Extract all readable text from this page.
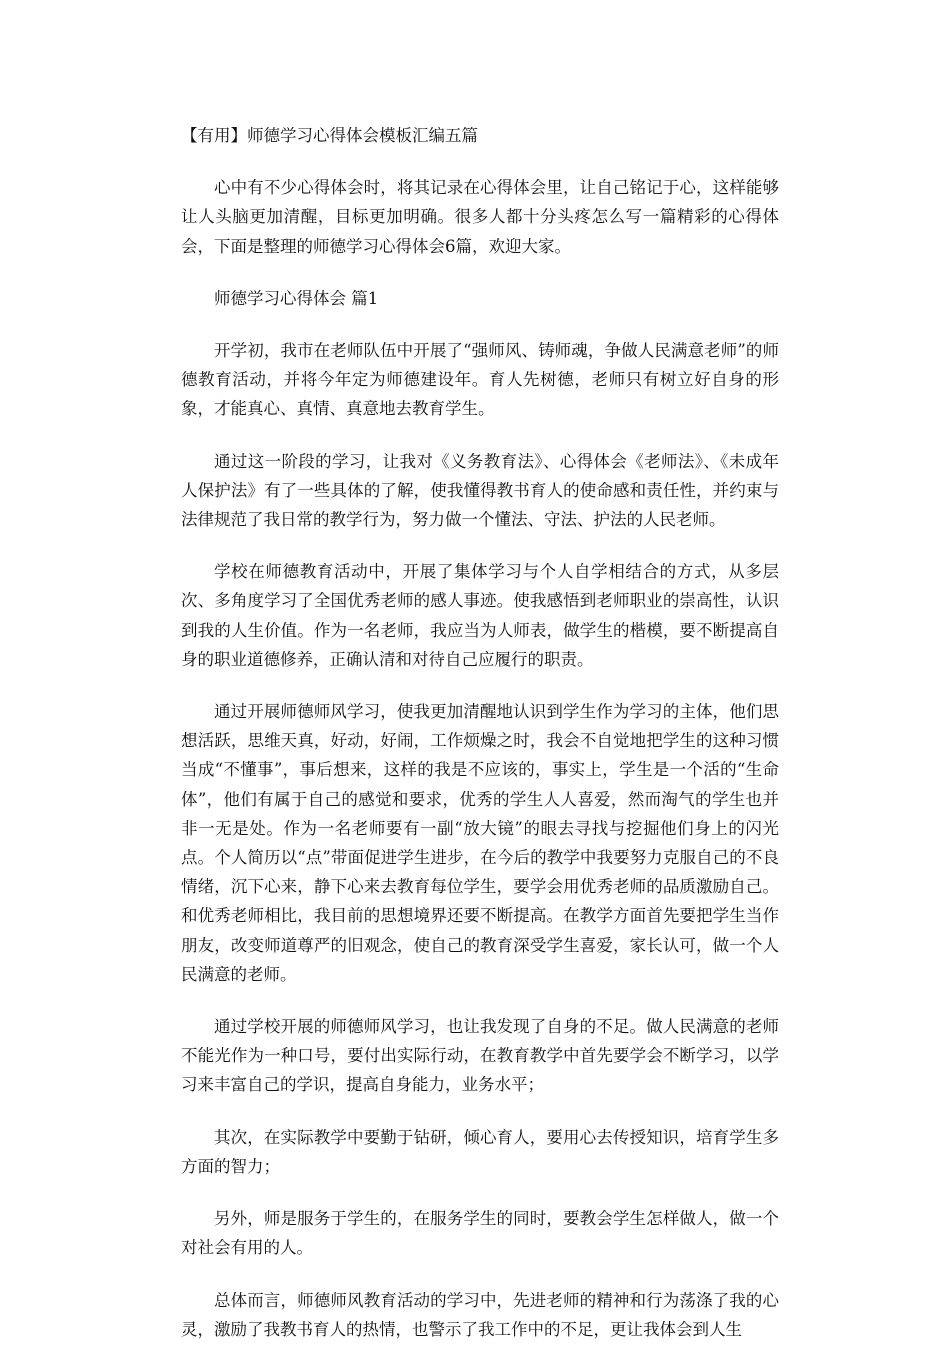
【有用】师德学习心得体会模板汇编五篇

心中有不少心得体会时，将其记录在心得体会里，让自己铭记于心，这样能够让人头脑更加清醒，目标更加明确。很多人都十分头疼怎么写一篇精彩的心得体会，下面是整理的师德学习心得体会6篇，欢迎大家。

师德学习心得体会 篇1

开学初，我市在老师队伍中开展了“强师风、铸师魂，争做人民满意老师”的师德教育活动，并将今年定为师德建设年。育人先树德，老师只有树立好自身的形象，才能真心、真情、真意地去教育学生。

通过这一阶段的学习，让我对《义务教育法》、心得体会《老师法》、《未成年人保护法》有了一些具体的了解，使我懂得教书育人的使命感和责任性，并约束与法律规范了我日常的教学行为，努力做一个懂法、守法、护法的人民老师。

学校在师德教育活动中，开展了集体学习与个人自学相结合的方式，从多层次、多角度学习了全国优秀老师的感人事迹。使我感悟到老师职业的崇高性，认识到我的人生价值。作为一名老师，我应当为人师表，做学生的楷模，要不断提高自身的职业道德修养，正确认清和对待自己应履行的职责。

通过开展师德师风学习，使我更加清醒地认识到学生作为学习的主体，他们思想活跃，思维天真，好动，好闹，工作烦燥之时，我会不自觉地把学生的这种习惯当成“不懂事”，事后想来，这样的我是不应该的，事实上，学生是一个活的“生命体”，他们有属于自己的感觉和要求，优秀的学生人人喜爱，然而淘气的学生也并非一无是处。作为一名老师要有一副“放大镜”的眼去寻找与挖掘他们身上的闪光点。个人简历以“点”带面促进学生进步，在今后的教学中我要努力克服自己的不良情绪，沉下心来，静下心来去教育每位学生，要学会用优秀老师的品质激励自己。和优秀老师相比，我目前的思想境界还要不断提高。在教学方面首先要把学生当作朋友，改变师道尊严的旧观念，使自己的教育深受学生喜爱，家长认可，做一个人民满意的老师。

通过学校开展的师德师风学习，也让我发现了自身的不足。做人民满意的老师不能光作为一种口号，要付出实际行动，在教育教学中首先要学会不断学习，以学习来丰富自己的学识，提高自身能力，业务水平；

其次，在实际教学中要勤于钻研，倾心育人，要用心去传授知识，培育学生多方面的智力；

另外，师是服务于学生的，在服务学生的同时，要教会学生怎样做人，做一个对社会有用的人。

总体而言，师德师风教育活动的学习中，先进老师的精神和行为荡涤了我的心灵，激励了我教书育人的热情，也警示了我工作中的不足，更让我体会到人生
